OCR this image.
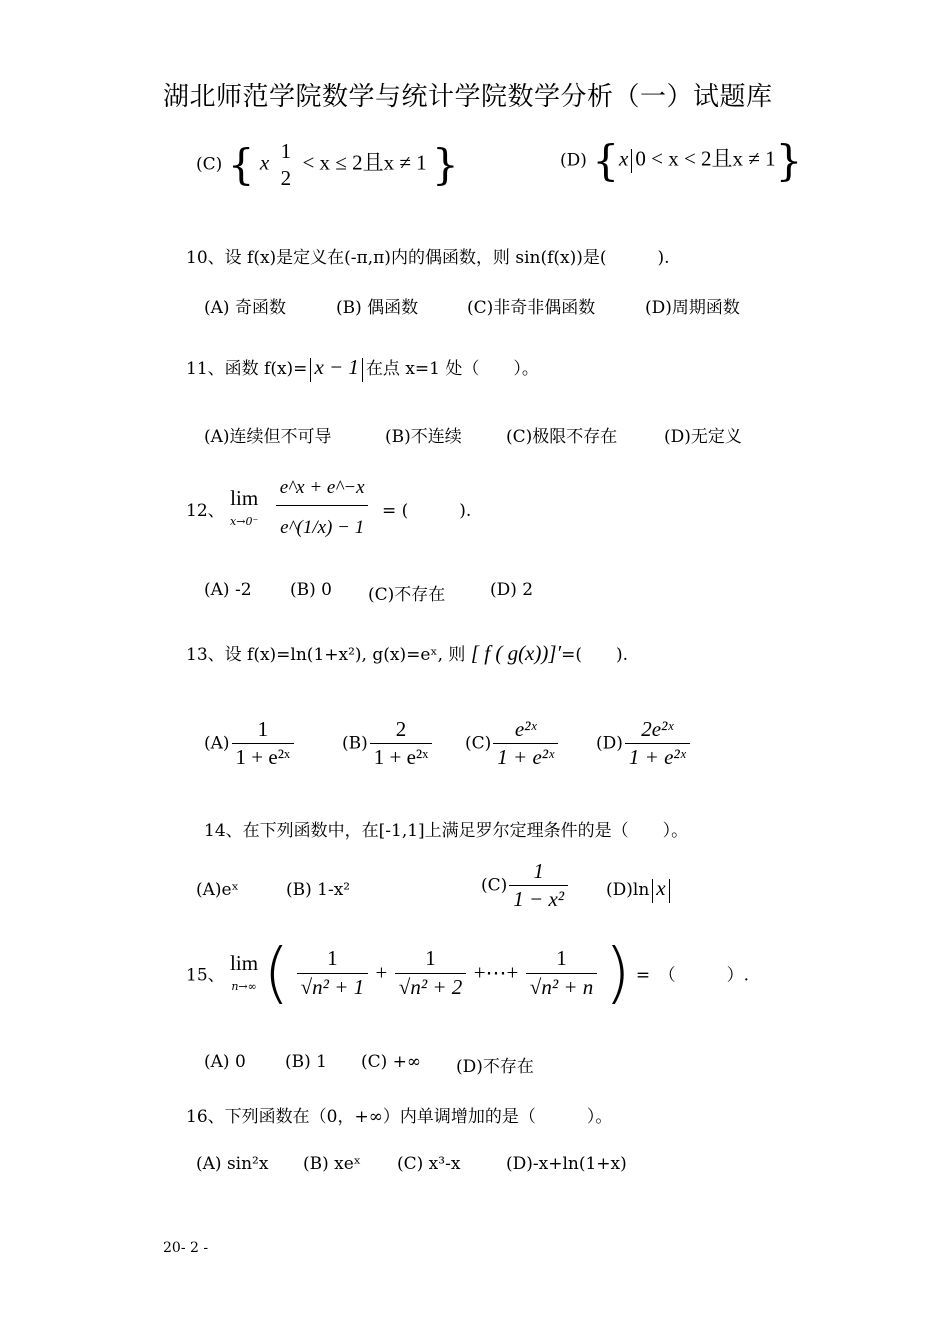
湖北师范学院数学与统计学院数学分析（一）试题库
(C) { x 1
2
< x ≤ 2且x ≠ 1 }	(D) {x 0 < x < 2且x ≠ 1}
10、设 f(x)是定义在(-π,π)内的偶函数，则 sin(f(x))是(　　　).
(A) 奇函数	(B) 偶函数	(C)非奇非偶函数	(D)周期函数
11、函数 f(x)= x − 1 在点 x=1 处（　　）。
(A)连续但不可导	(B)不连续	(C)极限不存在	(D)无定义
12、
lim
x→0⁻
$\frac{e\^{}x + e\^{}-x}{e\^{}(1/x) - 1}$ = (　　　).
(A) -2 (B) 0 (C)不存在	(D) 2
13、设 f(x)=ln(1+x²), g(x)=eˣ, 则 [ f ( g(x))]′=(　　).
$(A) \frac{1}{\text{1 + e²ˣ}}$	$(B) \frac{2}{\text{1 + e²ˣ}} (C) \frac{\text{e²ˣ}}{\text{1 + e²ˣ}} (D) \frac{\text{2e²ˣ}}{\text{1 + e²ˣ}}$
14、在下列函数中，在[-1,1]上满足罗尔定理条件的是（　　）。
(A)eˣ	(B) 1-x²	$(C) \frac{1}{\text{1 − x²}} (D)\ln$ x
15、
lim
n→∞ ( $\frac{1}{\text{√n² + 1}} + \frac{1}{\text{√n² + 2}}$ +⋯+ $\frac{1}{\text{√n² + n}}$ ) =　（　　　）.
(A) 0 (B) 1 (C) +∞ (D)不存在
16、下列函数在（0，+∞）内单调增加的是（　　　）。
(A) sin²x (B) xeˣ (C) x³-x	(D)-x+ln(1+x)
20- 2 -
